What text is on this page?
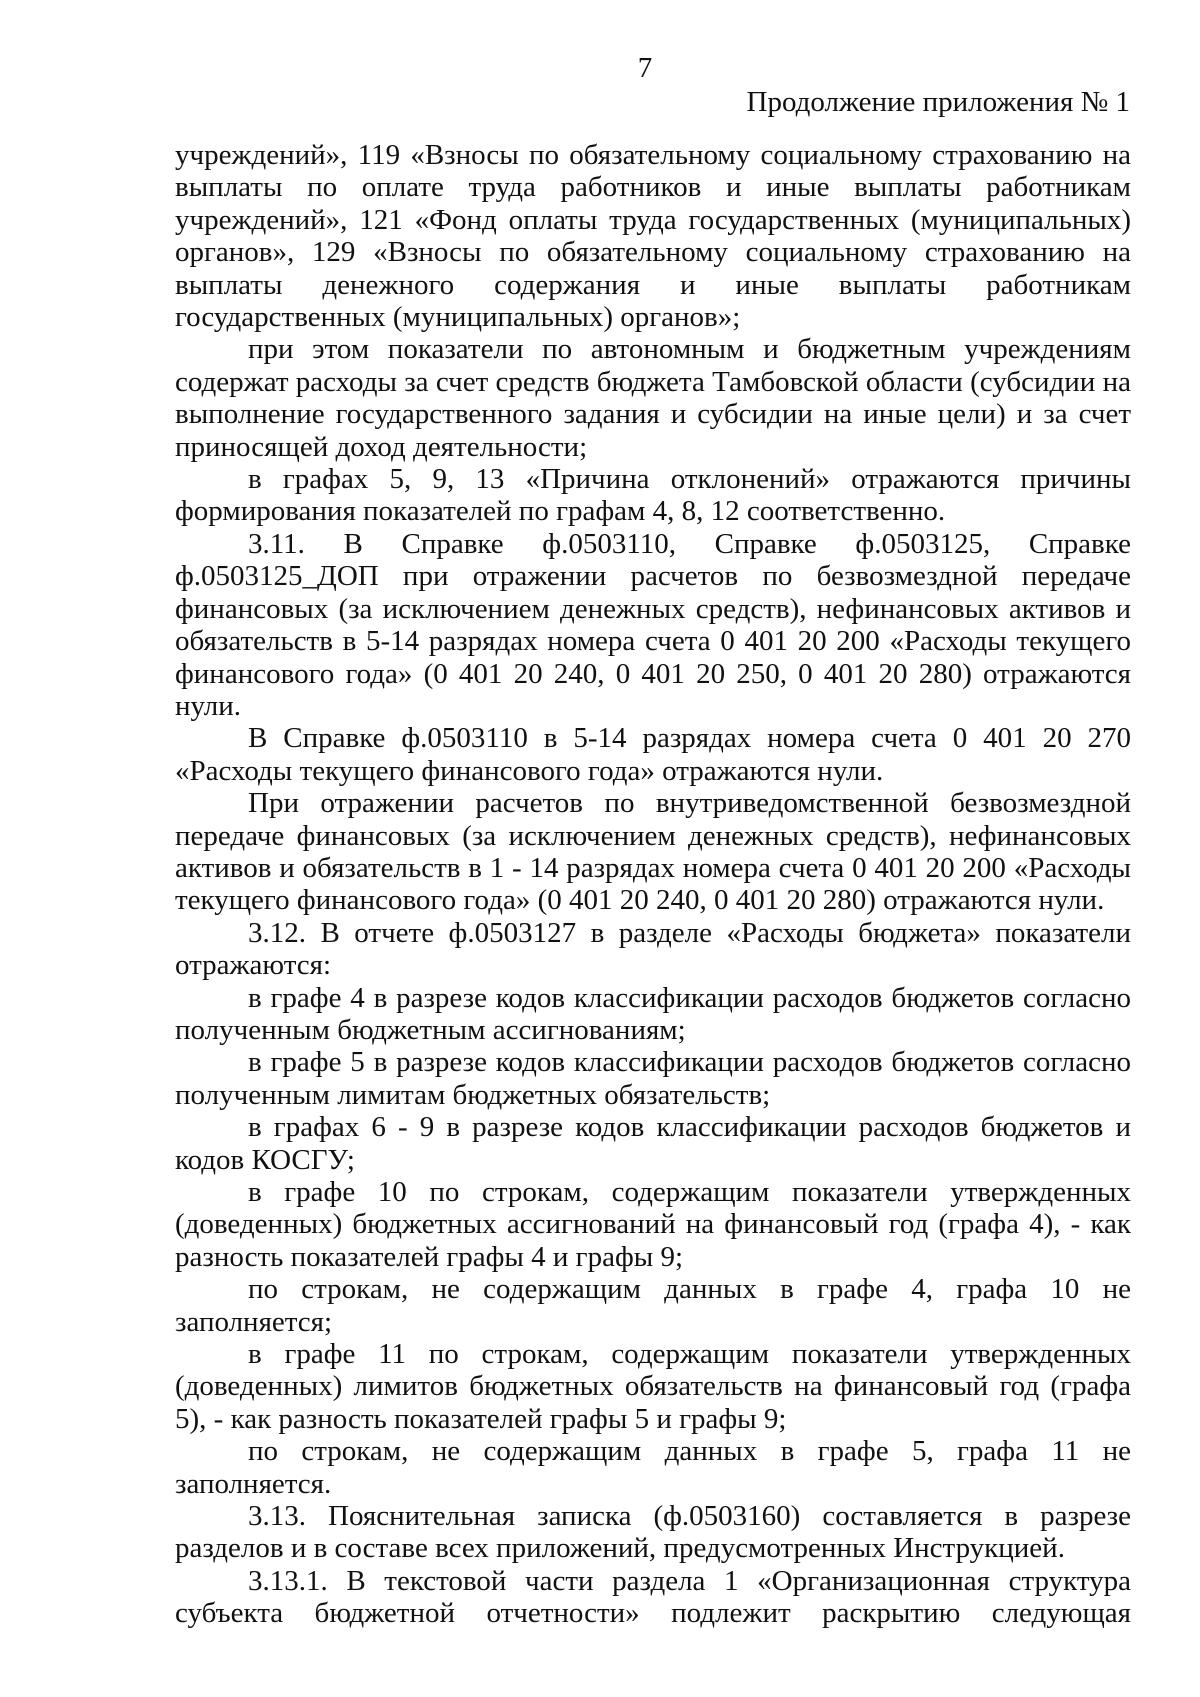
7
Продолжение приложения № 1

учреждений», 119 «Взносы по обязательному социальному страхованию на выплаты по оплате труда работников и иные выплаты работникам учреждений», 121 «Фонд оплаты труда государственных (муниципальных) органов», 129 «Взносы по обязательному социальному страхованию на выплаты денежного содержания и иные выплаты работникам государственных (муниципальных) органов»;

при этом показатели по автономным и бюджетным учреждениям содержат расходы за счет средств бюджета Тамбовской области (субсидии на выполнение государственного задания и субсидии на иные цели) и за счет приносящей доход деятельности;

в графах 5, 9, 13 «Причина отклонений» отражаются причины формирования показателей по графам 4, 8, 12 соответственно.

3.11. В Справке ф.0503110, Справке ф.0503125, Справке ф.0503125_ДОП при отражении расчетов по безвозмездной передаче финансовых (за исключением денежных средств), нефинансовых активов и обязательств в 5-14 разрядах номера счета 0 401 20 200 «Расходы текущего финансового года» (0 401 20 240, 0 401 20 250, 0 401 20 280) отражаются нули.

В Справке ф.0503110 в 5-14 разрядах номера счета 0 401 20 270 «Расходы текущего финансового года» отражаются нули.

При отражении расчетов по внутриведомственной безвозмездной передаче финансовых (за исключением денежных средств), нефинансовых активов и обязательств в 1 - 14 разрядах номера счета 0 401 20 200 «Расходы текущего финансового года» (0 401 20 240, 0 401 20 280) отражаются нули.

3.12. В отчете ф.0503127 в разделе «Расходы бюджета» показатели отражаются:

в графе 4 в разрезе кодов классификации расходов бюджетов согласно полученным бюджетным ассигнованиям;

в графе 5 в разрезе кодов классификации расходов бюджетов согласно полученным лимитам бюджетных обязательств;

в графах 6 - 9 в разрезе кодов классификации расходов бюджетов и кодов КОСГУ;

в графе 10 по строкам, содержащим показатели утвержденных (доведенных) бюджетных ассигнований на финансовый год (графа 4), - как разность показателей графы 4 и графы 9;

по строкам, не содержащим данных в графе 4, графа 10 не заполняется;

в графе 11 по строкам, содержащим показатели утвержденных (доведенных) лимитов бюджетных обязательств на финансовый год (графа 5), - как разность показателей графы 5 и графы 9;

по строкам, не содержащим данных в графе 5, графа 11 не заполняется.

3.13. Пояснительная записка (ф.0503160) составляется в разрезе разделов и в составе всех приложений, предусмотренных Инструкцией.

3.13.1. В текстовой части раздела 1 «Организационная структура субъекта бюджетной отчетности» подлежит раскрытию следующая
